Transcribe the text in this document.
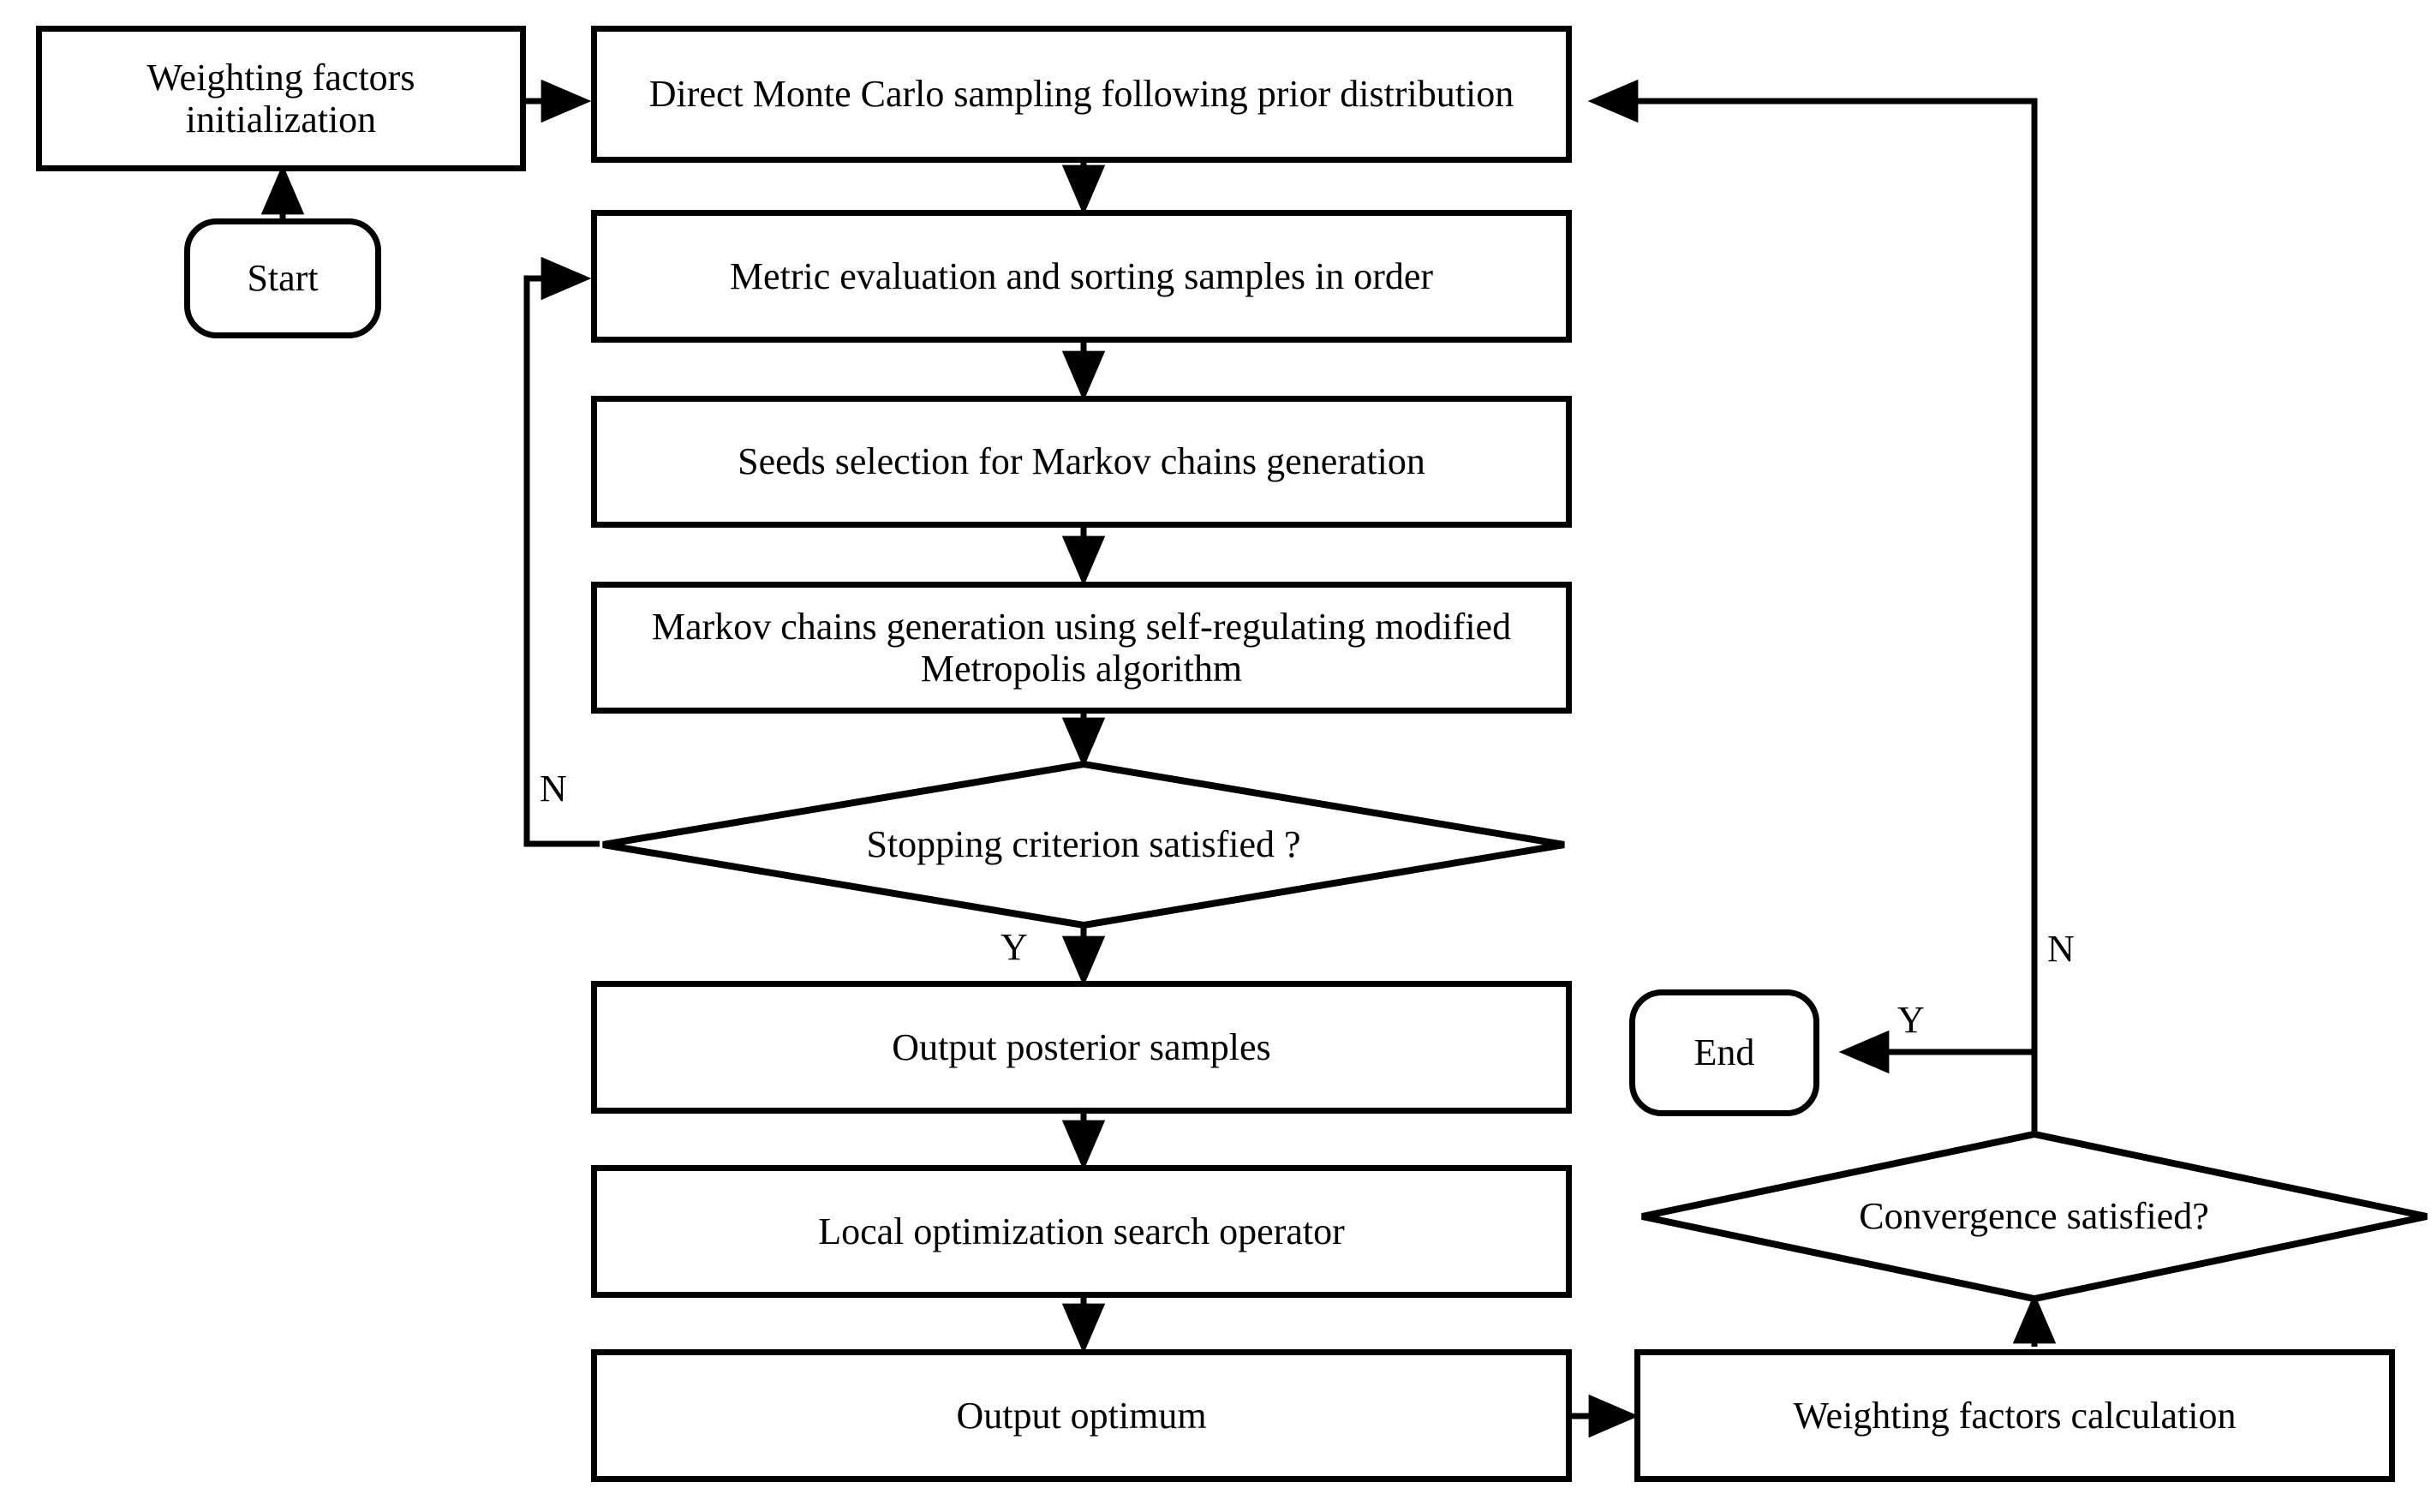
N
Y
Y
N
Weighting factors initialization
Start
Direct Monte Carlo sampling following prior distribution
Metric evaluation and sorting samples in order
Seeds selection for Markov chains generation
Markov chains generation using self-regulating modified Metropolis algorithm
Stopping criterion satisfied ?
Output posterior samples
Local optimization search operator
Output optimum	Weighting factors calculation
Convergence satisfied?
End
